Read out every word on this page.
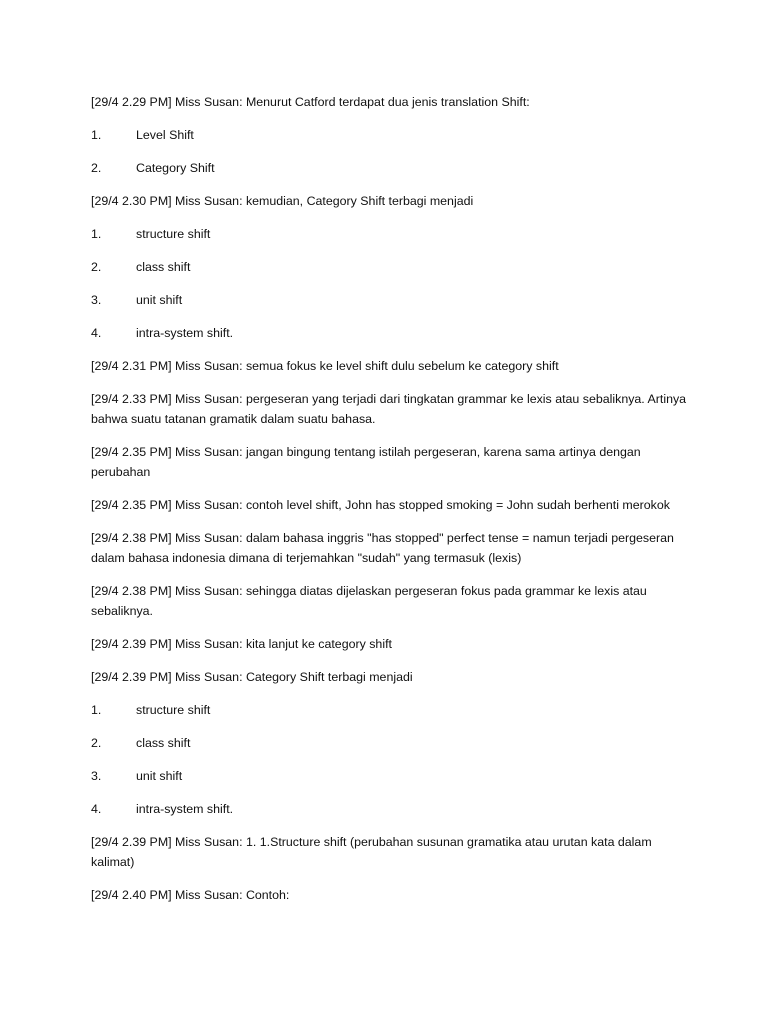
[29/4 2.29 PM] Miss Susan: Menurut Catford terdapat dua jenis translation Shift:
1.	Level Shift
2.	Category Shift
[29/4 2.30 PM] Miss Susan: kemudian, Category Shift terbagi menjadi
1.	structure shift
2.	class shift
3.	unit shift
4.	intra-system shift.
[29/4 2.31 PM] Miss Susan: semua fokus ke level shift dulu sebelum ke category shift
[29/4 2.33 PM] Miss Susan: pergeseran yang terjadi dari tingkatan grammar ke lexis atau sebaliknya. Artinya bahwa suatu tatanan gramatik dalam suatu bahasa.
[29/4 2.35 PM] Miss Susan: jangan bingung tentang istilah pergeseran, karena sama artinya dengan perubahan
[29/4 2.35 PM] Miss Susan: contoh level shift, John has stopped smoking = John sudah berhenti merokok
[29/4 2.38 PM] Miss Susan: dalam bahasa inggris "has stopped" perfect tense = namun terjadi pergeseran dalam bahasa indonesia dimana di terjemahkan "sudah" yang termasuk (lexis)
[29/4 2.38 PM] Miss Susan: sehingga diatas dijelaskan pergeseran fokus pada grammar ke lexis atau sebaliknya.
[29/4 2.39 PM] Miss Susan: kita lanjut ke category shift
[29/4 2.39 PM] Miss Susan: Category Shift terbagi menjadi
1.	structure shift
2.	class shift
3.	unit shift
4.	intra-system shift.
[29/4 2.39 PM] Miss Susan: 1. 1.Structure shift (perubahan susunan gramatika atau urutan kata dalam kalimat)
[29/4 2.40 PM] Miss Susan: Contoh:
